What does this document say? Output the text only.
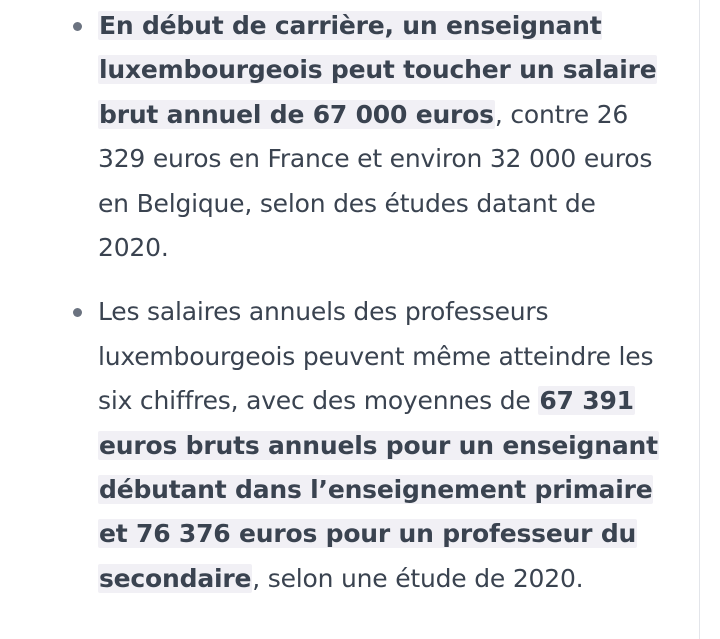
En début de carrière, un enseignant luxembourgeois peut toucher un salaire brut annuel de 67 000 euros, contre 26 329 euros en France et environ 32 000 euros en Belgique, selon des études datant de 2020.
Les salaires annuels des professeurs luxembourgeois peuvent même atteindre les six chiffres, avec des moyennes de 67 391 euros bruts annuels pour un enseignant débutant dans l’enseignement primaire et 76 376 euros pour un professeur du secondaire, selon une étude de 2020.
